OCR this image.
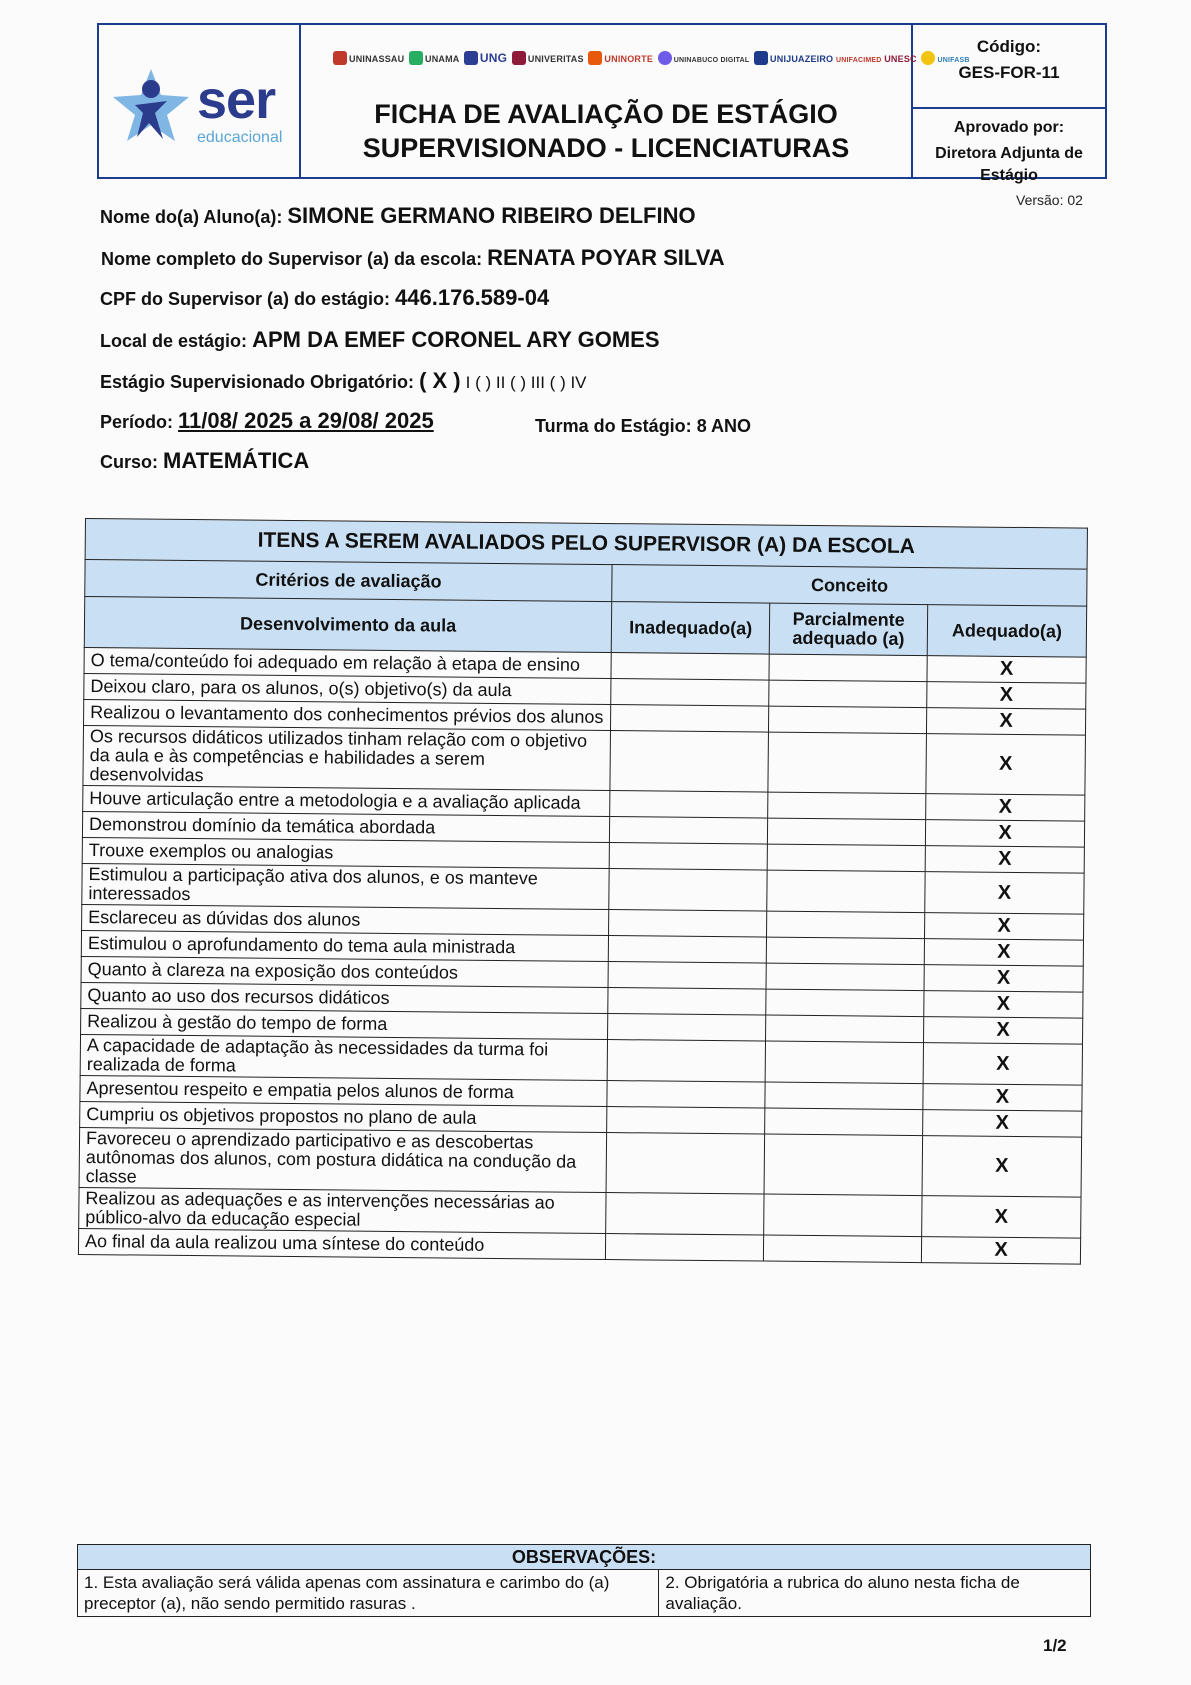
ser
educacional
UNINASSAU UNAMA UNG UNIVERITAS UNINORTE	UNINABUCO DIGITAL UNIJUAZEIRO UNIFACIMED UNESC	UNIFASB
FICHA DE AVALIAÇÃO DE ESTÁGIO
SUPERVISIONADO - LICENCIATURAS
Código:
GES-FOR-11
Aprovado por:
Diretora Adjunta de
Estágio
Versão: 02
Nome do(a) Aluno(a): SIMONE GERMANO RIBEIRO DELFINO
Nome completo do Supervisor (a) da escola: RENATA POYAR SILVA
CPF do Supervisor (a) do estágio: 446.176.589-04
Local de estágio: APM DA EMEF CORONEL ARY GOMES
Estágio Supervisionado Obrigatório: ( X ) I ( ) II ( ) III ( ) IV
Período: 11/08/ 2025 a 29/08/ 2025	Turma do Estágio: 8 ANO
Curso: MATEMÁTICA
ITENS A SEREM AVALIADOS PELO SUPERVISOR (A) DA ESCOLA			
Critérios de avaliação	Conceito		
Desenvolvimento da aula	Inadequado(a)	Parcialmente
adequado (a)	Adequado(a)
O tema/conteúdo foi adequado em relação à etapa de ensino			X
Deixou claro, para os alunos, o(s) objetivo(s) da aula			X
Realizou o levantamento dos conhecimentos prévios dos alunos			X
Os recursos didáticos utilizados tinham relação com o objetivo da aula e às competências e habilidades a serem desenvolvidas			X
Houve articulação entre a metodologia e a avaliação aplicada			X
Demonstrou domínio da temática abordada			X
Trouxe exemplos ou analogias			X
Estimulou a participação ativa dos alunos, e os manteve interessados			X
Esclareceu as dúvidas dos alunos			X
Estimulou o aprofundamento do tema aula ministrada			X
Quanto à clareza na exposição dos conteúdos			X
Quanto ao uso dos recursos didáticos			X
Realizou à gestão do tempo de forma			X
A capacidade de adaptação às necessidades da turma foi realizada de forma			X
Apresentou respeito e empatia pelos alunos de forma			X
Cumpriu os objetivos propostos no plano de aula			X
Favoreceu o aprendizado participativo e as descobertas autônomas dos alunos, com postura didática na condução da classe			X
Realizou as adequações e as intervenções necessárias ao público-alvo da educação especial			X
Ao final da aula realizou uma síntese do conteúdo			X
OBSERVAÇÕES:
1. Esta avaliação será válida apenas com assinatura e carimbo do (a) preceptor (a), não sendo permitido rasuras .	2. Obrigatória a rubrica do aluno nesta ficha de avaliação.
1/2
